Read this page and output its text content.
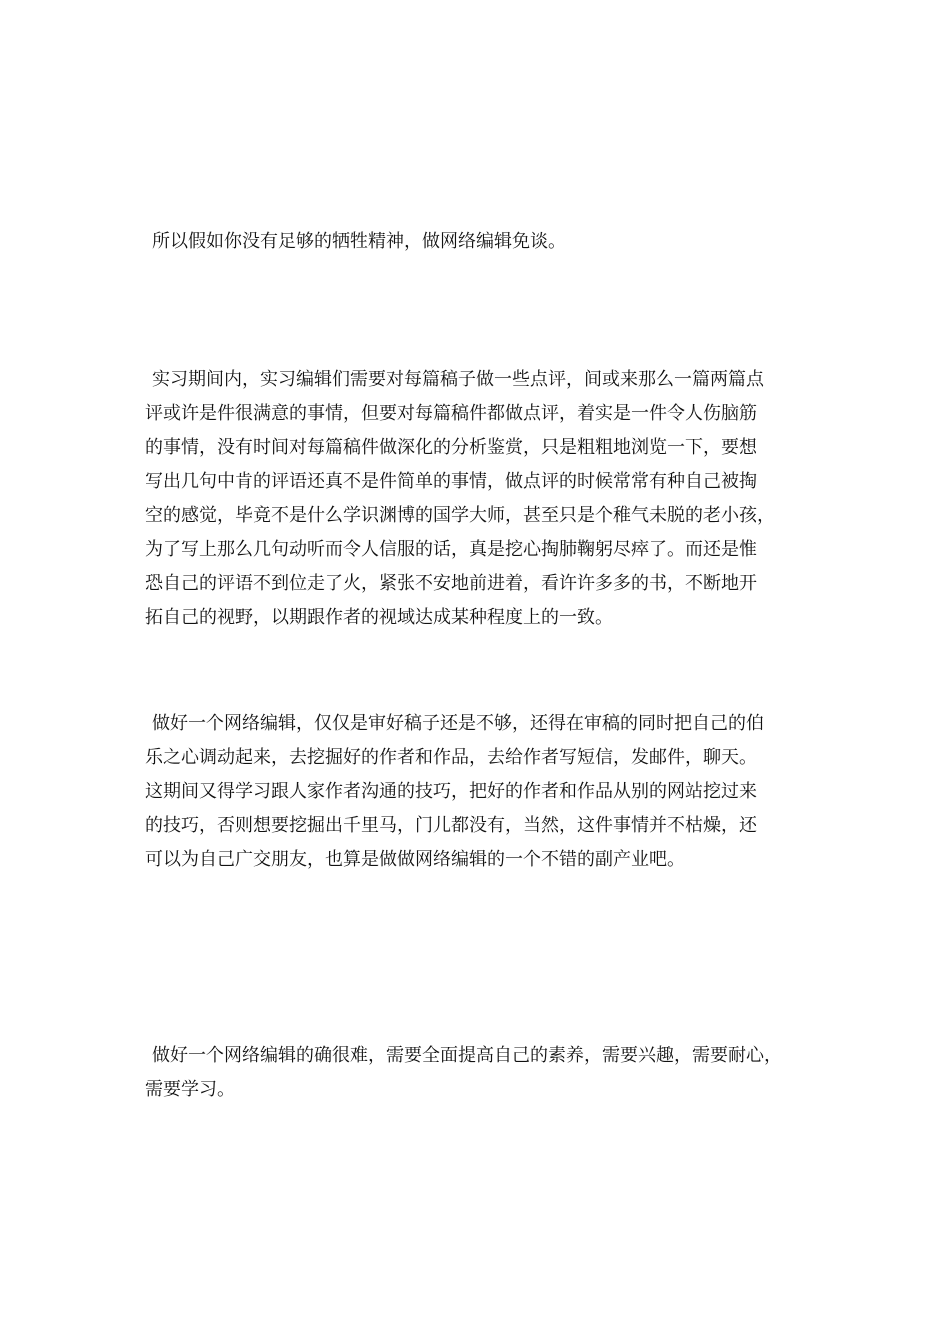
所以假如你没有足够的牺牲精神，做网络编辑免谈。

实习期间内，实习编辑们需要对每篇稿子做一些点评，间或来那么一篇两篇点
评或许是件很满意的事情，但要对每篇稿件都做点评，着实是一件令人伤脑筋
的事情，没有时间对每篇稿件做深化的分析鉴赏，只是粗粗地浏览一下，要想
写出几句中肯的评语还真不是件简单的事情，做点评的时候常常有种自己被掏
空的感觉，毕竟不是什么学识渊博的国学大师，甚至只是个稚气未脱的老小孩，
为了写上那么几句动听而令人信服的话，真是挖心掏肺鞠躬尽瘁了。而还是惟
恐自己的评语不到位走了火，紧张不安地前进着，看许许多多的书，不断地开
拓自己的视野，以期跟作者的视域达成某种程度上的一致。

做好一个网络编辑，仅仅是审好稿子还是不够，还得在审稿的同时把自己的伯
乐之心调动起来，去挖掘好的作者和作品，去给作者写短信，发邮件，聊天。
这期间又得学习跟人家作者沟通的技巧，把好的作者和作品从别的网站挖过来
的技巧，否则想要挖掘出千里马，门儿都没有，当然，这件事情并不枯燥，还
可以为自己广交朋友，也算是做做网络编辑的一个不错的副产业吧。

做好一个网络编辑的确很难，需要全面提高自己的素养，需要兴趣，需要耐心，
需要学习。
